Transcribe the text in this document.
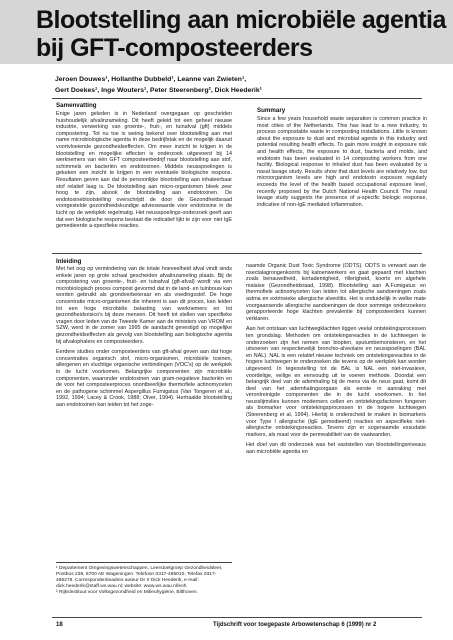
Blootstelling aan microbiële agentia
bij GFT-composteerders
Jeroen Douwes¹, Hollanthe Dubbeld¹, Leanne van Zwieten¹,
Gert Doekes¹, Inge Wouters¹, Peter Steerenberg², Dick Heederik¹
Samenvatting
Enige jaren geleden is in Nederland overgegaan op gescheiden huishoudelijk afvalinzameling. Dit heeft geleid tot een geheel nieuwe industrie, verwerking van groente-, fruit-, en tuinafval (gft) middels compostering. Tot nu toe is weinig bekend over blootstelling aan met name microbiologische agentia in deze bedrijfstak en de mogelijk daaruit voortvloeiende gezondheidseffecten. Om meer inzicht te krijgen in de blootstelling en mogelijke effecten is onderzoek uitgevoerd bij 14 werknemers van één GFT composteerbedrijf naar blootstelling aan stof, schimmels en bacteriën en endotoxinen. Middels neusspoelingen is gekeken een inzicht te krijgen in een eventuele biologische respons. Resultaten geven aan dat de persoonlijke blootstelling aan inhaleerbaar stof relatief laag is. De blootstelling aan micro-organismen bleek zeer hoog te zijn, alsook de blootstelling aan endotoxinen. De endotoxineblootstelling overschrijdt de door de Gezondheidsraad voorgestelde gezondheidskundige advieswaarde voor endotoxine in de lucht op de werkplek regelmatig. Het neusspoelings-onderzoek geeft aan dat een biologische respons bestaat die indicatief lijkt te zijn voor niet IgE gemedieerde a-specifieke reacties.
Summary
Since a few years household waste separation is common practice in most cities of the Netherlands. This has lead to a new industry, to process compostable waste in composting installations. Little is known about the exposure to dust and microbial agents in this industry and potential resulting health effects. To gain more insight in exposure risk and health effects, the exposure to dust, bacteria and molds, and endotoxin has been evaluated in 14 composting workers from one facility. Biological response to inhaled dust has been evaluated by a nasal lavage study. Results show that dust levels are relatively low, but microorganism levels are high and endotoxin exposure regularly exceeds the level of the health based occupational exposure level, recently proposed by the Dutch National Health Council. The nasal lavage study suggests the presence of a-specific biologic response, indicative of non-IgE mediated inflammation.
Inleiding

Met het oog op vermindering van de totale hoeveelheid afval vindt sinds enkele jaren op grote schaal gescheiden afvalinzameling plaats. Bij de compostering van groente-, fruit- en tuinafval (gft-afval) wordt via een microbiologisch proces compost gevormd dat in de land- en tuinbouw kan worden gebruikt als grondverbeteraar en als voedingsstof. De hoge concentratie micro-organismen die inherent is aan dit proces, kan leiden tot een hoge microbiële belasting van werknemers en tot gezondheidsrisico's bij deze mensen. Dit heeft tot stellen van specifieke vragen door leden van de Tweede Kamer aan de ministers van VROM en SZW, werd in de zomer van 1995 de aandacht gevestigd op mogelijke gezondheidseffecten als gevolg van blootstelling aan biologische agentia bij afvalophalers en composteerders.

Eerdere studies onder composteerders van gft-afval geven aan dat hoge concentraties organisch stof, micro-organismen, microbiële toxinen, allergenen en vluchtige organische verbindingen (VOC's) op de werkplek in de lucht voorkomen. Belangrijke componenten zijn microbiële componenten, waaronder endotoxinen van gram-negatieve bacteriën en de voor het composteerproces onontbeerlijke thermofiele actinomyceten en de pathogene schimmel Aspergillus Fumigatus (Van Tongeren et al., 1992, 1994; Lacey & Crook, 1988; Olver, 1994). Herhaalde blootstelling aan endotoxinen kan leiden tot het zoge-

naamde Organic Dust Toxic Syndrome (ODTS). ODTS is verwant aan de nsectalagrongenkoorts bij katoenwerkers en gaat gepaard met klachten zoals benauwdheid, kortademigheid, rillerigheid, koorts en algehele malaise (Gezondheidsraad, 1998). Blootstelling aan A.Fumigatus en thermofiele actinomyceten kan leiden tot allergische aandoeningen zoals astma en extrinsieke allergische alveolitis. Het is onduidelijk in welke mate voorgaansende allergische aandoeningen de door sommige onderzoekers gerapporteerde hoge klachten prevalentie bij composteerders kunnen verklaren.

Aan het ontstaan van luchtwegklachten liggen veelal ontstekingsprocessen ten grondslag. Methoden om ontstekingsreacties in de luchtwegen te onderzoeken zijn het nemen van biopten, sputumbemonsteren, en het uitvoeren van respectievelijk bronchio-alveolaire en neusspoelingen (BAL en NAL). NAL is een relatief nieuwe techniek om ontstekingsreacties in de hogere luchtwegen te onderzoeken die tevens op de werkplek kan worden uitgevoerd. In tegenstelling tot de BAL is NAL een niet-invasieve, voordelige, veilige en eenvoudig uit te voeren methode. Doordat een belangrijk deel van de ademhaling bij de mens via de neus gaat, komt dit deel van het ademhalingsorgaan als eerste in aanraking met verontreinigde componenten die in de lucht voorkomen. In het neusslijmvlies kunnen moderners cellen en ontstekingsfactoren fungeren als biomarker voor ontstekingsprocessen in de hogere luchtwegen (Steerenberg et al, 1994). Hierbij is onderscheid te maken in biomarkers voor Type I allergische (IgE gemedieerd) reacties en aspecifieke niet-allergische ontstekingsreacties. Tevens zijn er sogenaamde exsudatie markers, als maat voor de permeabiliteit van de vaatwanden.

Het doel van dit onderzoek was het vaststellen van blootstellingsniveaus aan microbiële agentia en

¹ Departement Omgevingswetenschappen, Leerstoelgroep Gezondheidsleer, Postbus 238, 6700 AE Wageningen. Telefoon 0317-485010, Telefax 0317-485278. Correspondentieadres auteur Dr Ir Dick Heederik, e-mail: dick.heederik@staff.ws.wau.nl; website: www.ws.wau.nl/eoh
² Rijksinstituut voor Volksgezondheid en Milieuhygiëne, Bilthoven.
18	Tijdschrift voor toegepaste Arbowetenschap 6 (1999) nr 2
